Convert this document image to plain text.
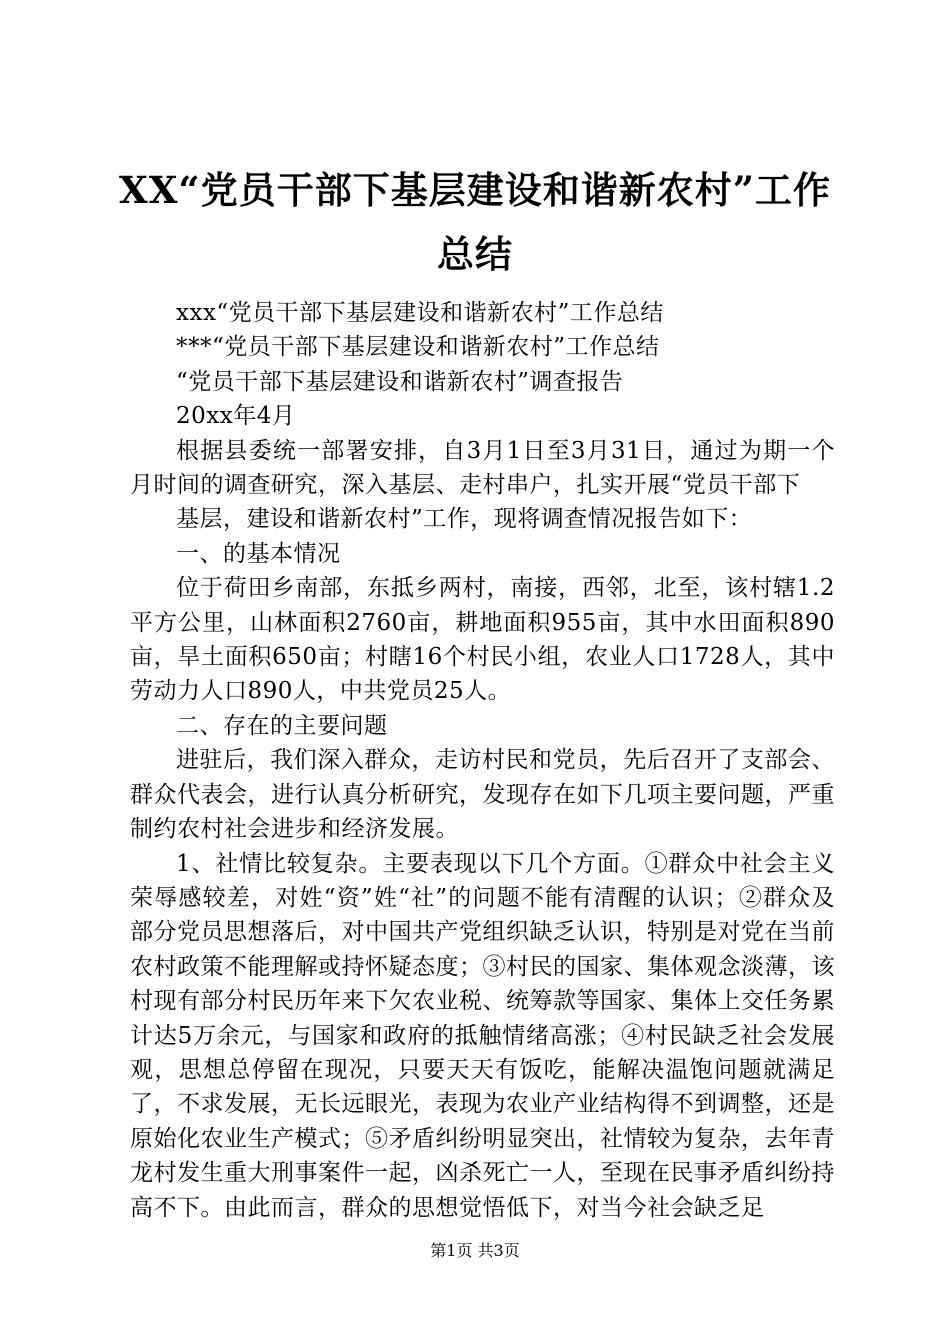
XX“党员干部下基层建设和谐新农村”工作总结

xxx“党员干部下基层建设和谐新农村”工作总结

***“党员干部下基层建设和谐新农村”工作总结

“党员干部下基层建设和谐新农村”调查报告

20xx年4月

根据县委统一部署安排，自3月1日至3月31日，通过为期一个月时间的调查研究，深入基层、走村串户，扎实开展“党员干部下

基层，建设和谐新农村”工作，现将调查情况报告如下：

一、的基本情况

位于荷田乡南部，东抵乡两村，南接，西邻，北至，该村辖1.2平方公里，山林面积2760亩，耕地面积955亩，其中水田面积890亩，旱土面积650亩；村瞎16个村民小组，农业人口1728人，其中劳动力人口890人，中共党员25人。

二、存在的主要问题

进驻后，我们深入群众，走访村民和党员，先后召开了支部会、群众代表会，进行认真分析研究，发现存在如下几项主要问题，严重制约农村社会进步和经济发展。

1、社情比较复杂。主要表现以下几个方面。①群众中社会主义荣辱感较差，对姓“资”姓“社”的问题不能有清醒的认识；②群众及部分党员思想落后，对中国共产党组织缺乏认识，特别是对党在当前农村政策不能理解或持怀疑态度；③村民的国家、集体观念淡薄，该村现有部分村民历年来下欠农业税、统筹款等国家、集体上交任务累计达5万余元，与国家和政府的抵触情绪高涨；④村民缺乏社会发展观，思想总停留在现况，只要天天有饭吃，能解决温饱问题就满足了，不求发展，无长远眼光，表现为农业产业结构得不到调整，还是原始化农业生产模式；⑤矛盾纠纷明显突出，社情较为复杂，去年青龙村发生重大刑事案件一起，凶杀死亡一人，至现在民事矛盾纠纷持高不下。由此而言，群众的思想觉悟低下，对当今社会缺乏足

第1页 共3页
